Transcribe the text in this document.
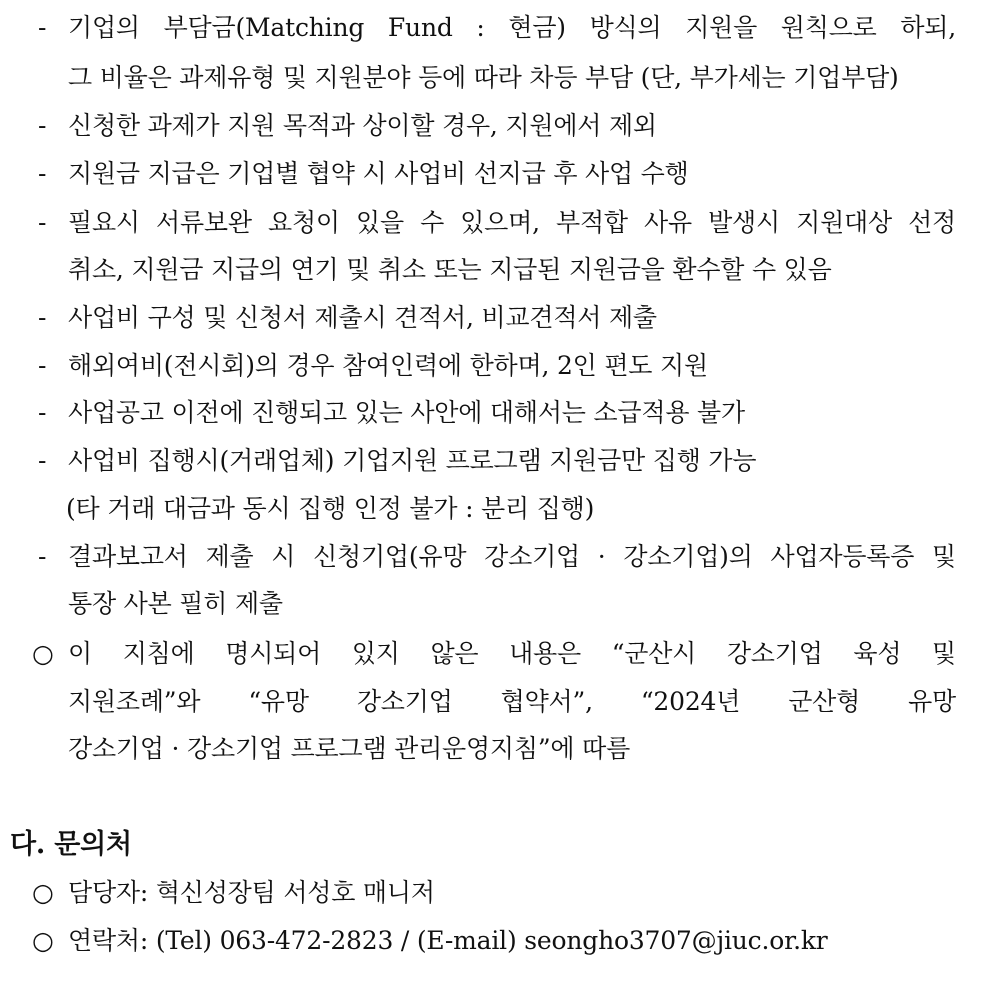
- 기업의 부담금(Matching Fund : 현금) 방식의 지원을 원칙으로 하되,
그 비율은 과제유형 및 지원분야 등에 따라 차등 부담 (단, 부가세는 기업부담)
- 신청한 과제가 지원 목적과 상이할 경우, 지원에서 제외
- 지원금 지급은 기업별 협약 시 사업비 선지급 후 사업 수행
- 필요시 서류보완 요청이 있을 수 있으며, 부적합 사유 발생시 지원대상 선정
취소, 지원금 지급의 연기 및 취소 또는 지급된 지원금을 환수할 수 있음
- 사업비 구성 및 신청서 제출시 견적서, 비교견적서 제출
- 해외여비(전시회)의 경우 참여인력에 한하며, 2인 편도 지원
- 사업공고 이전에 진행되고 있는 사안에 대해서는 소급적용 불가
- 사업비 집행시(거래업체) 기업지원 프로그램 지원금만 집행 가능
(타 거래 대금과 동시 집행 인정 불가 : 분리 집행)
- 결과보고서 제출 시 신청기업(유망 강소기업 · 강소기업)의 사업자등록증 및
통장 사본 필히 제출
○ 이 지침에 명시되어 있지 않은 내용은 “군산시 강소기업 육성 및
지원조례”와 “유망 강소기업 협약서”, “2024년 군산형 유망
강소기업 · 강소기업 프로그램 관리운영지침”에 따름
다. 문의처
○ 담당자: 혁신성장팀 서성호 매니저
○ 연락처: (Tel) 063-472-2823 / (E-mail) seongho3707@jiuc.or.kr
